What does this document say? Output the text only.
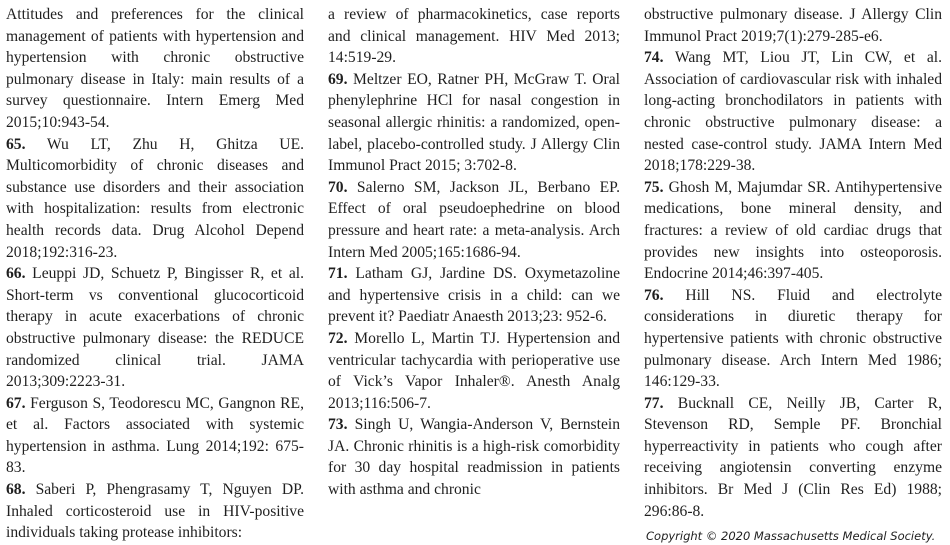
Attitudes and preferences for the clinical management of patients with hypertension and hypertension with chronic obstructive pulmonary disease in Italy: main results of a survey questionnaire. Intern Emerg Med 2015;10:943-54.

65. Wu LT, Zhu H, Ghitza UE. Multicomorbidity of chronic diseases and substance use disorders and their association with hospitalization: results from electronic health records data. Drug Alcohol Depend 2018;192:316-23.

66. Leuppi JD, Schuetz P, Bingisser R, et al. Short-term vs conventional glucocorticoid therapy in acute exacerbations of chronic obstructive pulmonary disease: the REDUCE randomized clinical trial. JAMA 2013;309:2223-31.

67. Ferguson S, Teodorescu MC, Gangnon RE, et al. Factors associated with systemic hypertension in asthma. Lung 2014;192: 675-83.

68. Saberi P, Phengrasamy T, Nguyen DP. Inhaled corticosteroid use in HIV-positive individuals taking protease inhibitors:

a review of pharmacokinetics, case reports and clinical management. HIV Med 2013; 14:519-29.

69. Meltzer EO, Ratner PH, McGraw T. Oral phenylephrine HCl for nasal congestion in seasonal allergic rhinitis: a randomized, open-label, placebo-controlled study. J Allergy Clin Immunol Pract 2015; 3:702-8.

70. Salerno SM, Jackson JL, Berbano EP. Effect of oral pseudoephedrine on blood pressure and heart rate: a meta-analysis. Arch Intern Med 2005;165:1686-94.

71. Latham GJ, Jardine DS. Oxymetazoline and hypertensive crisis in a child: can we prevent it? Paediatr Anaesth 2013;23: 952-6.

72. Morello L, Martin TJ. Hypertension and ventricular tachycardia with perioperative use of Vick’s Vapor Inhaler®. Anesth Analg 2013;116:506-7.

73. Singh U, Wangia-Anderson V, Bernstein JA. Chronic rhinitis is a high-risk comorbidity for 30 day hospital readmission in patients with asthma and chronic

obstructive pulmonary disease. J Allergy Clin Immunol Pract 2019;7(1):279-285-e6.

74. Wang MT, Liou JT, Lin CW, et al. Association of cardiovascular risk with inhaled long-acting bronchodilators in patients with chronic obstructive pulmonary disease: a nested case-control study. JAMA Intern Med 2018;178:229-38.

75. Ghosh M, Majumdar SR. Antihypertensive medications, bone mineral density, and fractures: a review of old cardiac drugs that provides new insights into osteoporosis. Endocrine 2014;46:397-405.

76. Hill NS. Fluid and electrolyte considerations in diuretic therapy for hypertensive patients with chronic obstructive pulmonary disease. Arch Intern Med 1986; 146:129-33.

77. Bucknall CE, Neilly JB, Carter R, Stevenson RD, Semple PF. Bronchial hyperreactivity in patients who cough after receiving angiotensin converting enzyme inhibitors. Br Med J (Clin Res Ed) 1988; 296:86-8.

Copyright © 2020 Massachusetts Medical Society.
